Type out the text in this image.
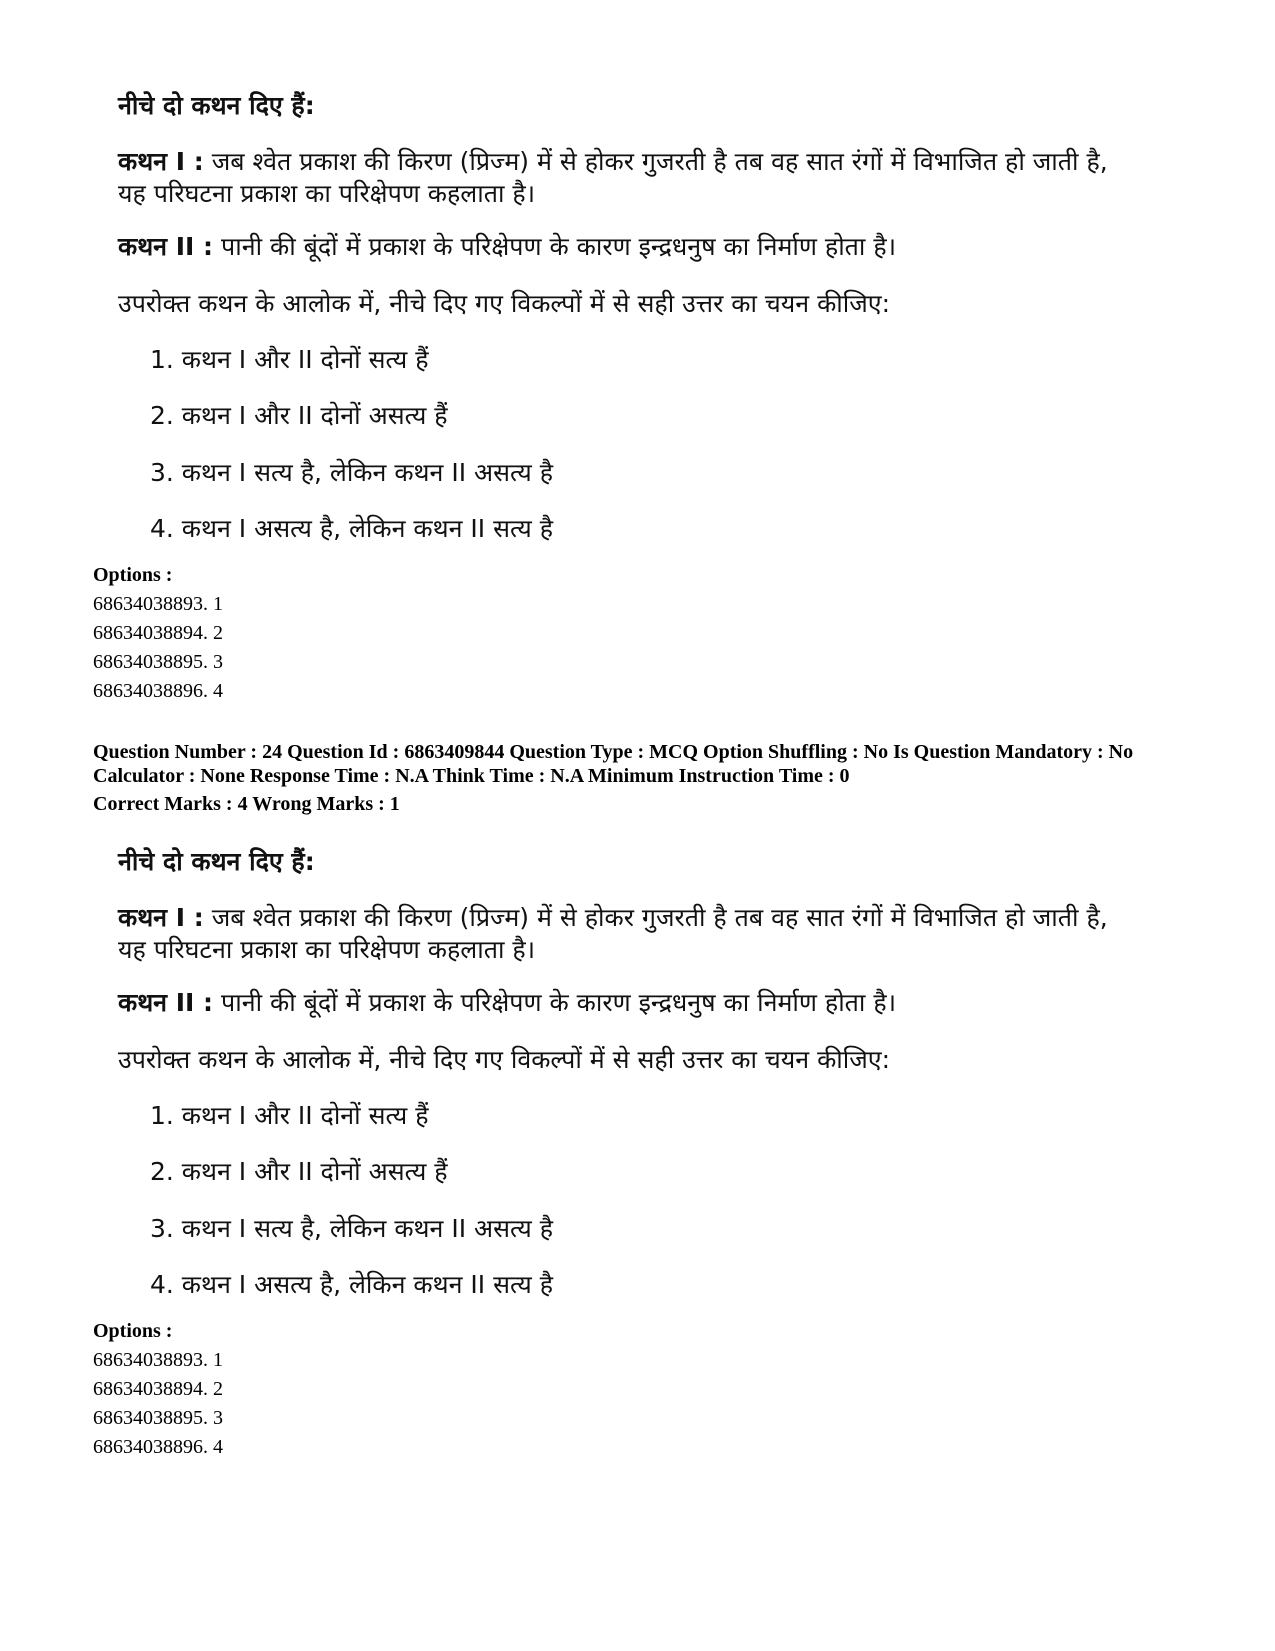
नीचे दो कथन दिए हैं:
कथन I : जब श्वेत प्रकाश की किरण (प्रिज्म) में से होकर गुजरती है तब वह सात रंगों में विभाजित हो जाती है, यह परिघटना प्रकाश का परिक्षेपण कहलाता है।
कथन II : पानी की बूंदों में प्रकाश के परिक्षेपण के कारण इन्द्रधनुष का निर्माण होता है।
उपरोक्त कथन के आलोक में, नीचे दिए गए विकल्पों में से सही उत्तर का चयन कीजिए:
1. कथन I और II दोनों सत्य हैं
2. कथन I और II दोनों असत्य हैं
3. कथन I सत्य है, लेकिन कथन II असत्य है
4. कथन I असत्य है, लेकिन कथन II सत्य है
Options :
68634038893. 1
68634038894. 2
68634038895. 3
68634038896. 4
Question Number : 24 Question Id : 6863409844 Question Type : MCQ Option Shuffling : No Is Question Mandatory : No Calculator : None Response Time : N.A Think Time : N.A Minimum Instruction Time : 0
Correct Marks : 4 Wrong Marks : 1
नीचे दो कथन दिए हैं:
कथन I : जब श्वेत प्रकाश की किरण (प्रिज्म) में से होकर गुजरती है तब वह सात रंगों में विभाजित हो जाती है, यह परिघटना प्रकाश का परिक्षेपण कहलाता है।
कथन II : पानी की बूंदों में प्रकाश के परिक्षेपण के कारण इन्द्रधनुष का निर्माण होता है।
उपरोक्त कथन के आलोक में, नीचे दिए गए विकल्पों में से सही उत्तर का चयन कीजिए:
1. कथन I और II दोनों सत्य हैं
2. कथन I और II दोनों असत्य हैं
3. कथन I सत्य है, लेकिन कथन II असत्य है
4. कथन I असत्य है, लेकिन कथन II सत्य है
Options :
68634038893. 1
68634038894. 2
68634038895. 3
68634038896. 4
